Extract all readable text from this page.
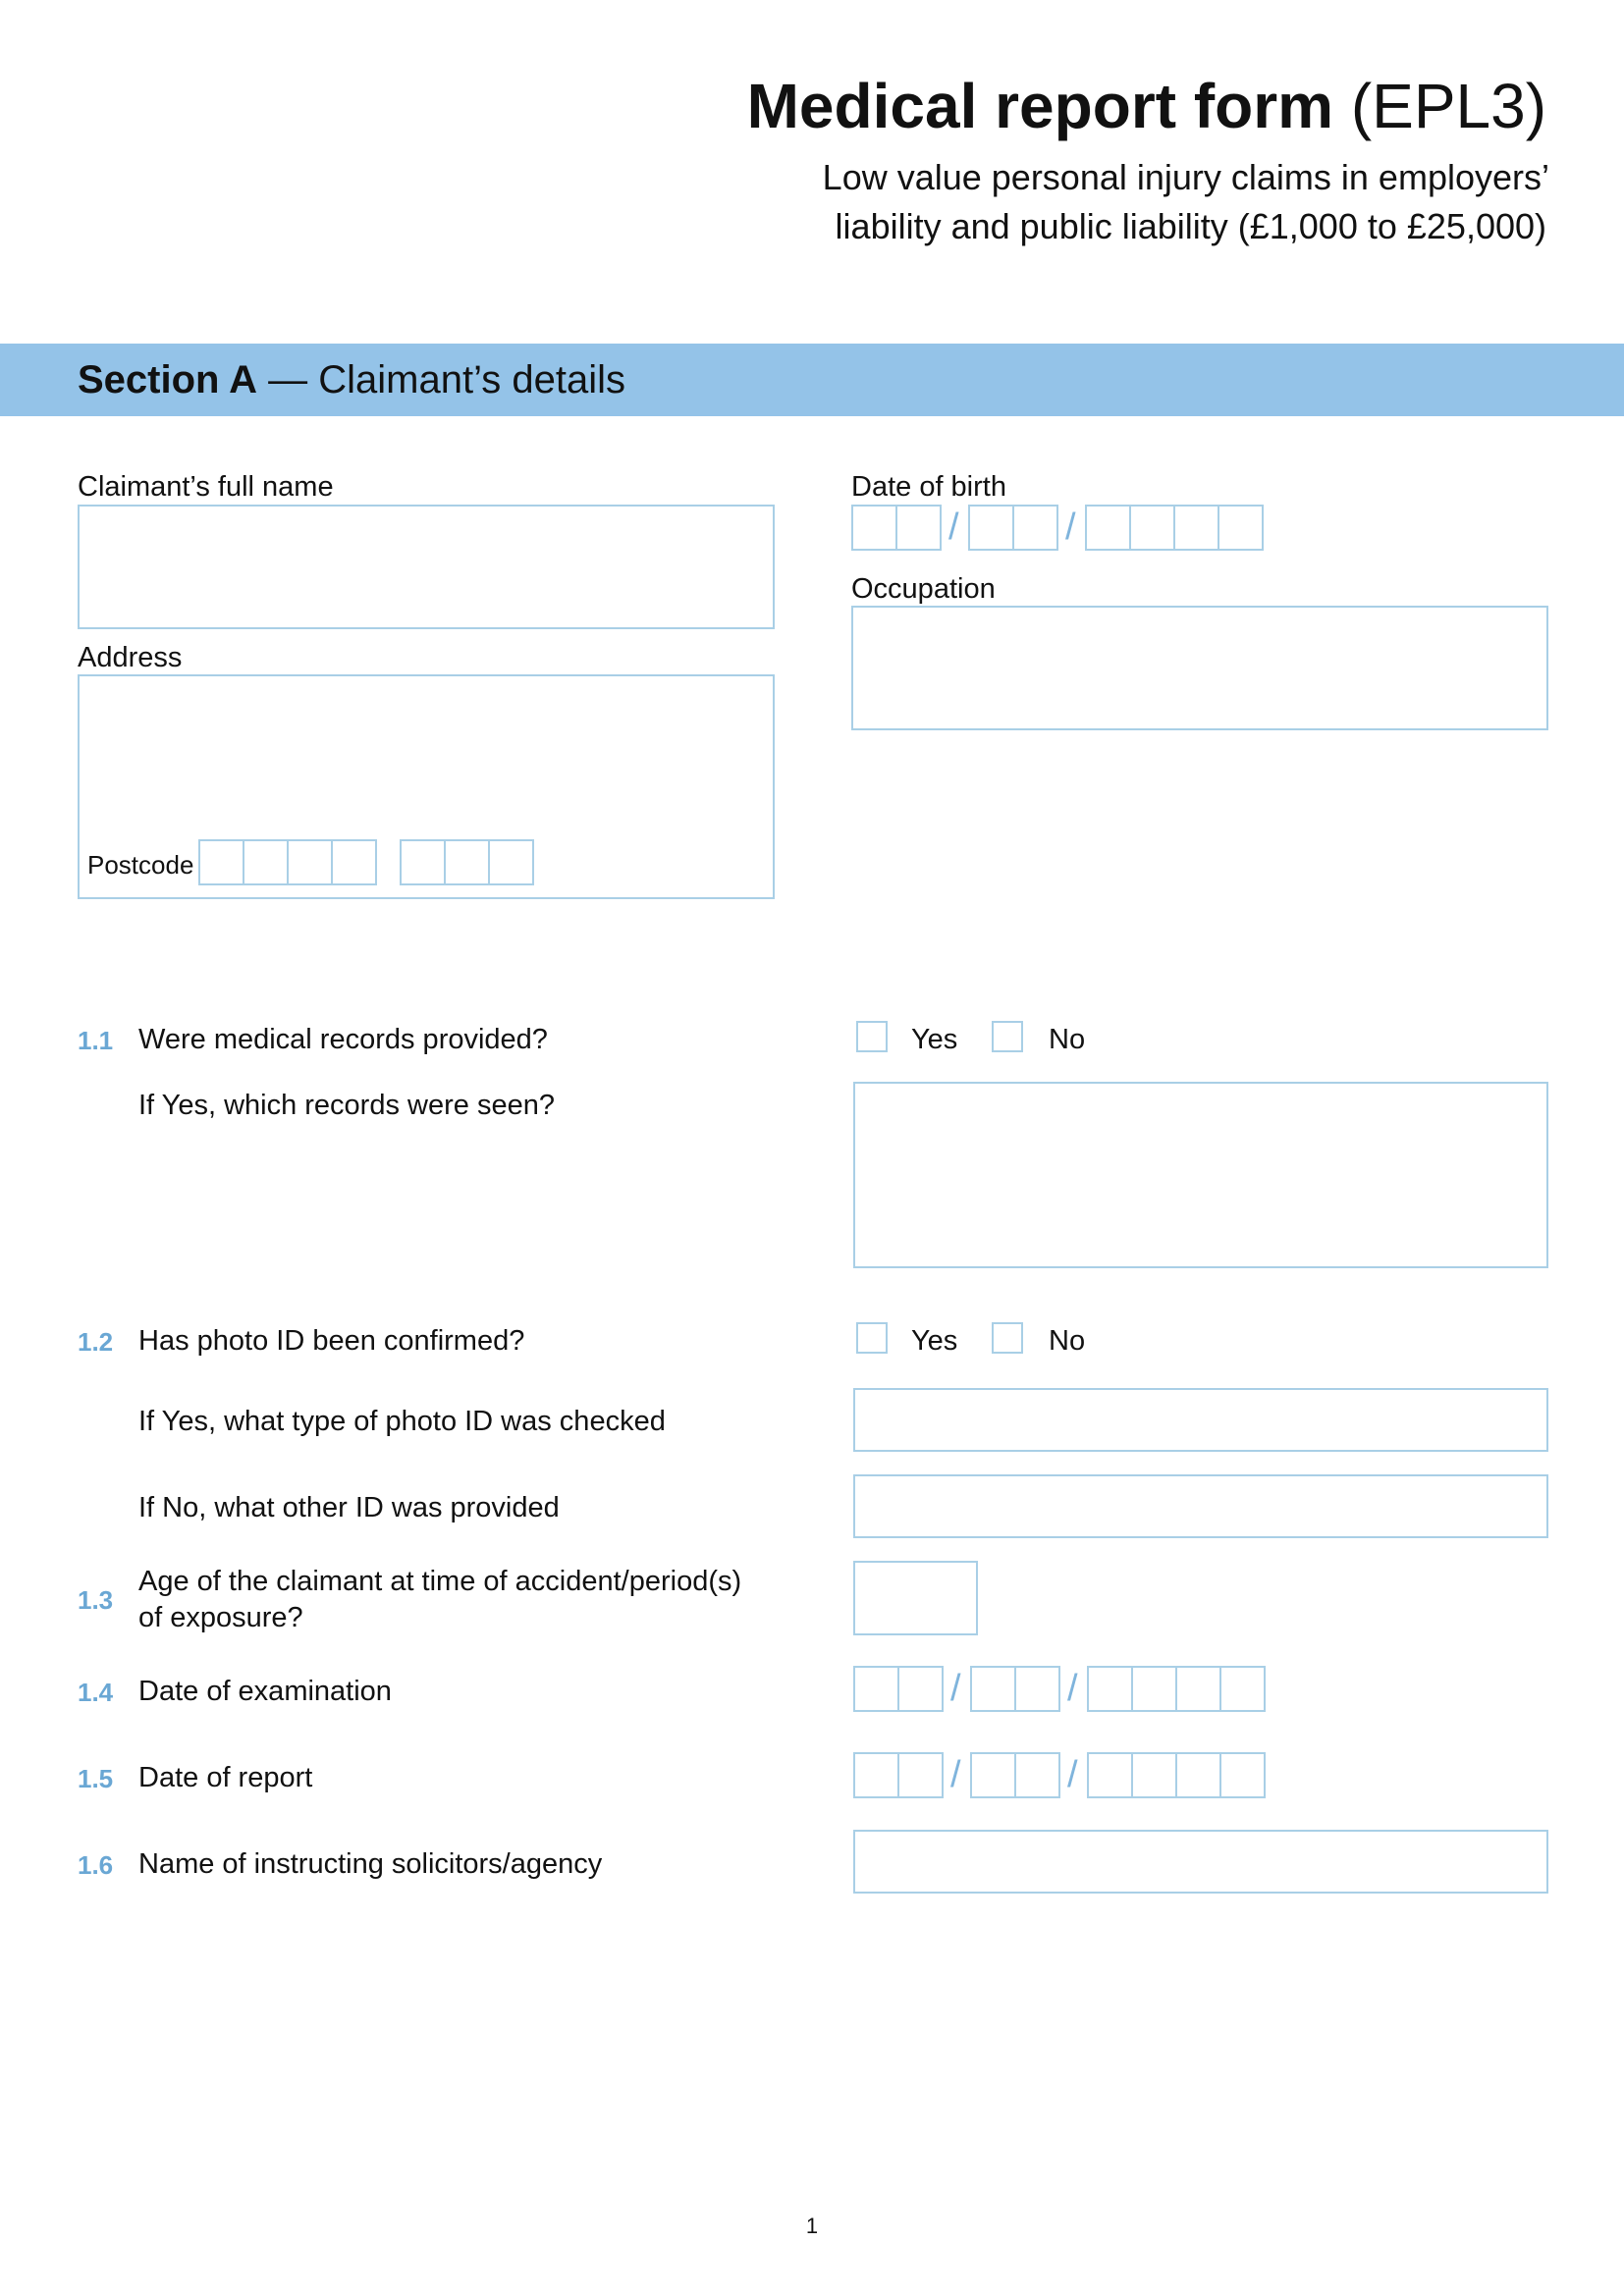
Medical report form (EPL3)
Low value personal injury claims in employers’
liability and public liability (£1,000 to £25,000)
Section A — Claimant’s details
Claimant’s full name
Address
Postcode
Date of birth
/	/
Occupation
1.1 Were medical records provided?	Yes	No
If Yes, which records were seen?
1.2 Has photo ID been confirmed?	Yes	No
If Yes, what type of photo ID was checked
If No, what other ID was provided
1.3
Age of the claimant at time of accident/period(s)
of exposure?
1.4 Date of examination	/	/
1.5 Date of report	/	/
1.6 Name of instructing solicitors/agency
1
